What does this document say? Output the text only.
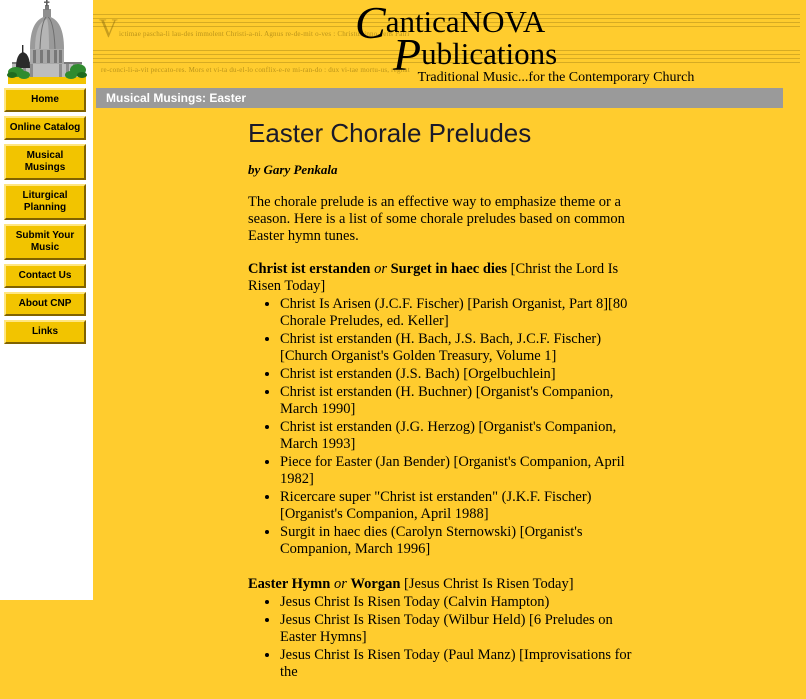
Home
Online Catalog
Musical Musings
Liturgical Planning
Submit Your Music
Contact Us
About CNP
Links
V ictimae pascha-li lau-des immolent Christi-a-ni. Agnus re-de-mit o-ves : Christus inno-cens Patri
re-conci-li-a-vit peccato-res. Mors et vi-ta du-el-lo conflix-e-re mi-ran-do : dux vi-tae mortu-us, regnat
CanticaNOVA
Publications
Traditional Music...for the Contemporary Church
Musical Musings: Easter
Easter Chorale Preludes
by Gary Penkala

The chorale prelude is an effective way to emphasize theme or a season. Here is a list of some chorale preludes based on common Easter hymn tunes.

Christ ist erstanden or Surget in haec dies [Christ the Lord Is Risen Today]
• Christ Is Arisen (J.C.F. Fischer) [Parish Organist, Part 8][80 Chorale Preludes, ed. Keller]
• Christ ist erstanden (H. Bach, J.S. Bach, J.C.F. Fischer) [Church Organist's Golden Treasury, Volume 1]
• Christ ist erstanden (J.S. Bach) [Orgelbuchlein]
• Christ ist erstanden (H. Buchner) [Organist's Companion, March 1990]
• Christ ist erstanden (J.G. Herzog) [Organist's Companion, March 1993]
• Piece for Easter (Jan Bender) [Organist's Companion, April 1982]
• Ricercare super "Christ ist erstanden" (J.K.F. Fischer) [Organist's Companion, April 1988]
• Surgit in haec dies (Carolyn Sternowski) [Organist's Companion, March 1996]
Easter Hymn or Worgan [Jesus Christ Is Risen Today]
• Jesus Christ Is Risen Today (Calvin Hampton)
• Jesus Christ Is Risen Today (Wilbur Held) [6 Preludes on Easter Hymns]
• Jesus Christ Is Risen Today (Paul Manz) [Improvisations for the
